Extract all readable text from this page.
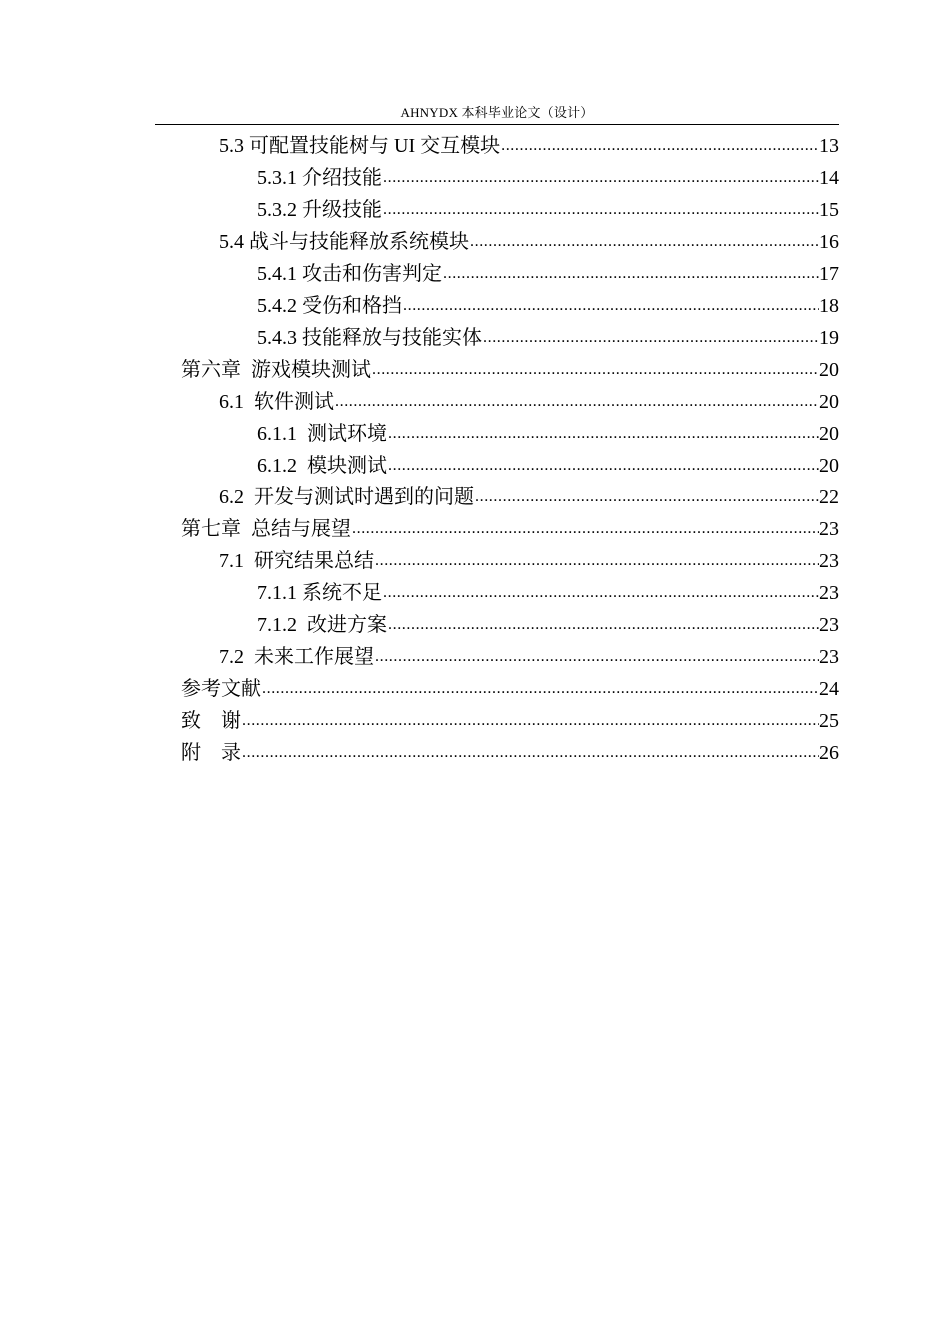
AHNYDX 本科毕业论文（设计）
5.3 可配置技能树与 UI 交互模块 .....	13
5.3.1 介绍技能 .....	14
5.3.2 升级技能 .....	15
5.4 战斗与技能释放系统模块 .....	16
5.4.1 攻击和伤害判定 .....	17
5.4.2 受伤和格挡 .....	18
5.4.3 技能释放与技能实体 .....	19
第六章  游戏模块测试 .....	20
6.1  软件测试 .....	20
6.1.1  测试环境 .....	20
6.1.2  模块测试 .....	20
6.2  开发与测试时遇到的问题 .....	22
第七章  总结与展望 .....	23
7.1  研究结果总结 .....	23
7.1.1 系统不足 .....	23
7.1.2  改进方案 .....	23
7.2  未来工作展望 .....	23
参考文献 .....	24
致    谢 .....	25
附    录 .....	26
